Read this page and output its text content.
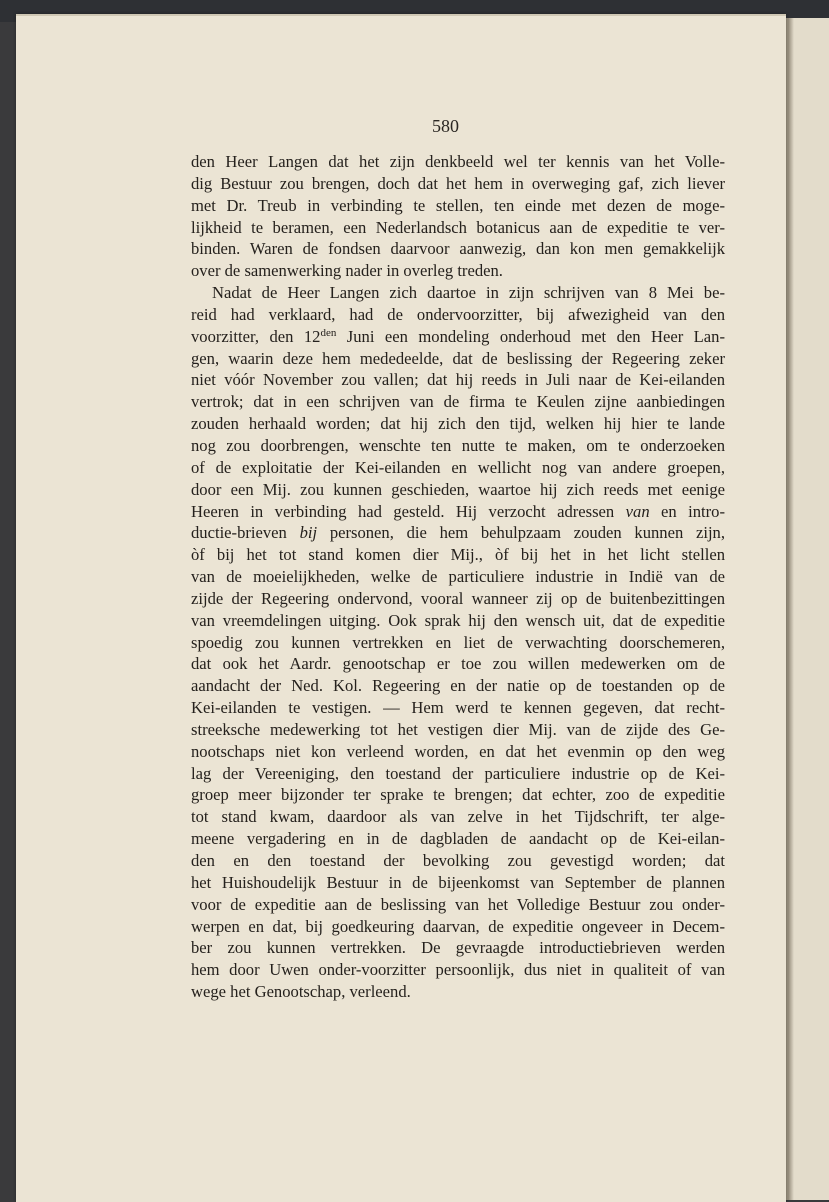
580
den Heer Langen dat het zijn denkbeeld wel ter kennis van het Volle-
dig Bestuur zou brengen, doch dat het hem in overweging gaf, zich liever
met Dr. Treub in verbinding te stellen, ten einde met dezen de moge-
lijkheid te beramen, een Nederlandsch botanicus aan de expeditie te ver-
binden. Waren de fondsen daarvoor aanwezig, dan kon men gemakkelijk
over de samenwerking nader in overleg treden.
Nadat de Heer Langen zich daartoe in zijn schrijven van 8 Mei be-
reid had verklaard, had de ondervoorzitter, bij afwezigheid van den
voorzitter, den $12^{den}$ Juni een mondeling onderhoud met den Heer Lan-
gen, waarin deze hem mededeelde, dat de beslissing der Regeering zeker
niet vóór November zou vallen; dat hij reeds in Juli naar de Kei-eilanden
vertrok; dat in een schrijven van de firma te Keulen zijne aanbiedingen
zouden herhaald worden; dat hij zich den tijd, welken hij hier te lande
nog zou doorbrengen, wenschte ten nutte te maken, om te onderzoeken
of de exploitatie der Kei-eilanden en wellicht nog van andere groepen,
door een Mij. zou kunnen geschieden, waartoe hij zich reeds met eenige
Heeren in verbinding had gesteld. Hij verzocht adressen van en intro-
ductie-brieven bij personen, die hem behulpzaam zouden kunnen zijn,
òf bij het tot stand komen dier Mij., òf bij het in het licht stellen
van de moeielijkheden, welke de particuliere industrie in Indië van de
zijde der Regeering ondervond, vooral wanneer zij op de buitenbezittingen
van vreemdelingen uitging. Ook sprak hij den wensch uit, dat de expeditie
spoedig zou kunnen vertrekken en liet de verwachting doorschemeren,
dat ook het Aardr. genootschap er toe zou willen medewerken om de
aandacht der Ned. Kol. Regeering en der natie op de toestanden op de
Kei-eilanden te vestigen. — Hem werd te kennen gegeven, dat recht-
streeksche medewerking tot het vestigen dier Mij. van de zijde des Ge-
nootschaps niet kon verleend worden, en dat het evenmin op den weg
lag der Vereeniging, den toestand der particuliere industrie op de Kei-
groep meer bijzonder ter sprake te brengen; dat echter, zoo de expeditie
tot stand kwam, daardoor als van zelve in het Tijdschrift, ter alge-
meene vergadering en in de dagbladen de aandacht op de Kei-eilan-
den en den toestand der bevolking zou gevestigd worden; dat
het Huishoudelijk Bestuur in de bijeenkomst van September de plannen
voor de expeditie aan de beslissing van het Volledige Bestuur zou onder-
werpen en dat, bij goedkeuring daarvan, de expeditie ongeveer in Decem-
ber zou kunnen vertrekken. De gevraagde introductiebrieven werden
hem door Uwen onder-voorzitter persoonlijk, dus niet in qualiteit of van
wege het Genootschap, verleend.
